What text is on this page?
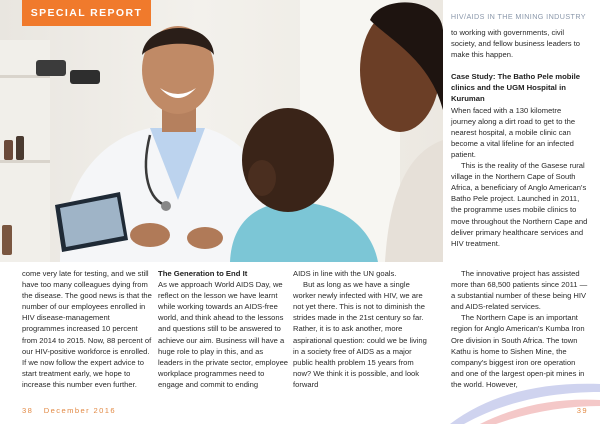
SPECIAL REPORT	HIV/AIDS IN THE MINING INDUSTRY

to working with governments, civil society, and fellow business leaders to make this happen.

Case Study: The Batho Pele mobile clinics and the UGM Hospital in Kuruman

When faced with a 130 kilometre journey along a dirt road to get to the nearest hospital, a mobile clinic can become a vital lifeline for an infected patient.

This is the reality of the Gasese rural village in the Northern Cape of South Africa, a beneficiary of Anglo American's Batho Pele project. Launched in 2011, the programme uses mobile clinics to move throughout the Northern Cape and deliver primary healthcare services and HIV treatment.

come very late for testing, and we still have too many colleagues dying from the disease. The good news is that the number of our employees enrolled in HIV disease-management programmes increased 10 percent from 2014 to 2015. Now, 88 percent of our HIV-positive workforce is enrolled. If we now follow the expert advice to start treatment early, we hope to increase this number even further.

The Generation to End It

As we approach World AIDS Day, we reflect on the lesson we have learnt while working towards an AIDS-free world, and think ahead to the lessons and questions still to be answered to achieve our aim. Business will have a huge role to play in this, and as leaders in the private sector, employee workplace programmes need to engage and commit to ending

AIDS in line with the UN goals.

But as long as we have a single worker newly infected with HIV, we are not yet there. This is not to diminish the strides made in the 21st century so far. Rather, it is to ask another, more aspirational question: could we be living in a society free of AIDS as a major public health problem 15 years from now? We think it is possible, and look forward

The innovative project has assisted more than 68,500 patients since 2011 — a substantial number of these being HIV and AIDS-related services.

The Northern Cape is an important region for Anglo American's Kumba Iron Ore division in South Africa. The town Kathu is home to Sishen Mine, the company's biggest iron ore operation and one of the largest open-pit mines in the world. However,

38 December 2016	39
